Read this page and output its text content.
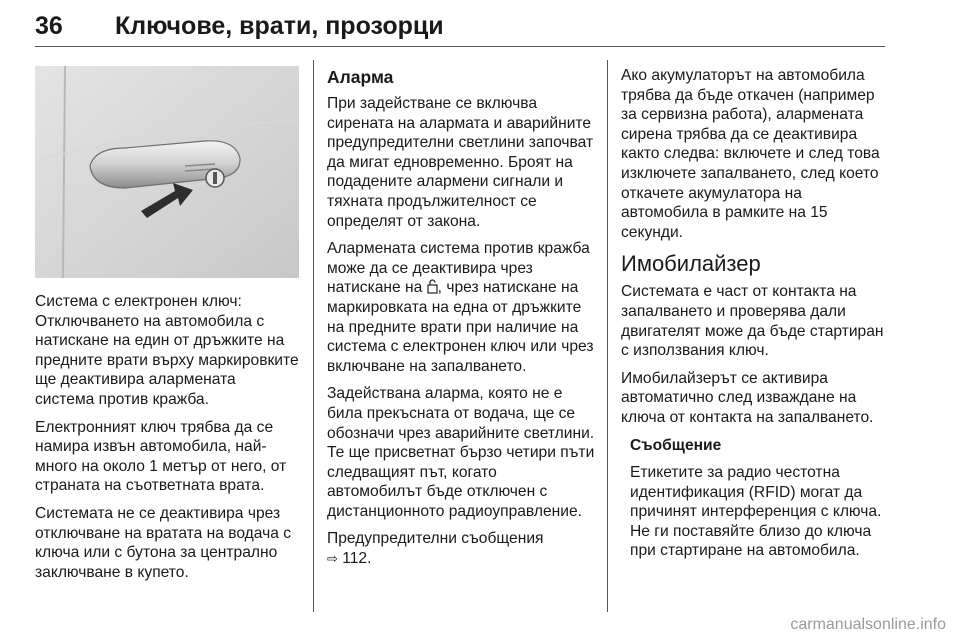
36 Ключове, врати, прозорци

Система с електронен ключ: Отключването на автомобила с натискане на един от дръжките на предните врати върху маркировките ще деактивира алармената система против кражба.

Електронният ключ трябва да се намира извън автомобила, най-много на около 1 метър от него, от страната на съответната врата.

Системата не се деактивира чрез отключване на вратата на водача с ключа или с бутона за централно заключване в купето.

Аларма

При задействане се включва сирената на алармата и аварийните предупредителни светлини започват да мигат едновременно. Броят на подадените алармени сигнали и тяхната продължителност се определят от закона.

Алармената система против кражба може да се деактивира чрез натискане на , чрез натискане на маркировката на една от дръжките на предните врати при наличие на система с електронен ключ или чрез включване на запалването.

Задействана аларма, която не е била прекъсната от водача, ще се обозначи чрез аварийните светлини. Те ще присветнат бързо четири пъти следващият път, когато автомобилът бъде отключен с дистанционното радиоуправление.

Предупредителни съобщения
⇨ 112.

Ако акумулаторът на автомобила трябва да бъде откачен (например за сервизна работа), алармената сирена трябва да се деактивира както следва: включете и след това изключете запалването, след което откачете акумулатора на автомобила в рамките на 15 секунди.

Имобилайзер

Системата е част от контакта на запалването и проверява дали двигателят може да бъде стартиран с използвания ключ.

Имобилайзерът се активира автоматично след изваждане на ключа от контакта на запалването.

Съобщение

Етикетите за радио честотна идентификация (RFID) могат да причинят интерференция с ключа. Не ги поставяйте близо до ключа при стартиране на автомобила.

carmanualsonline.info
